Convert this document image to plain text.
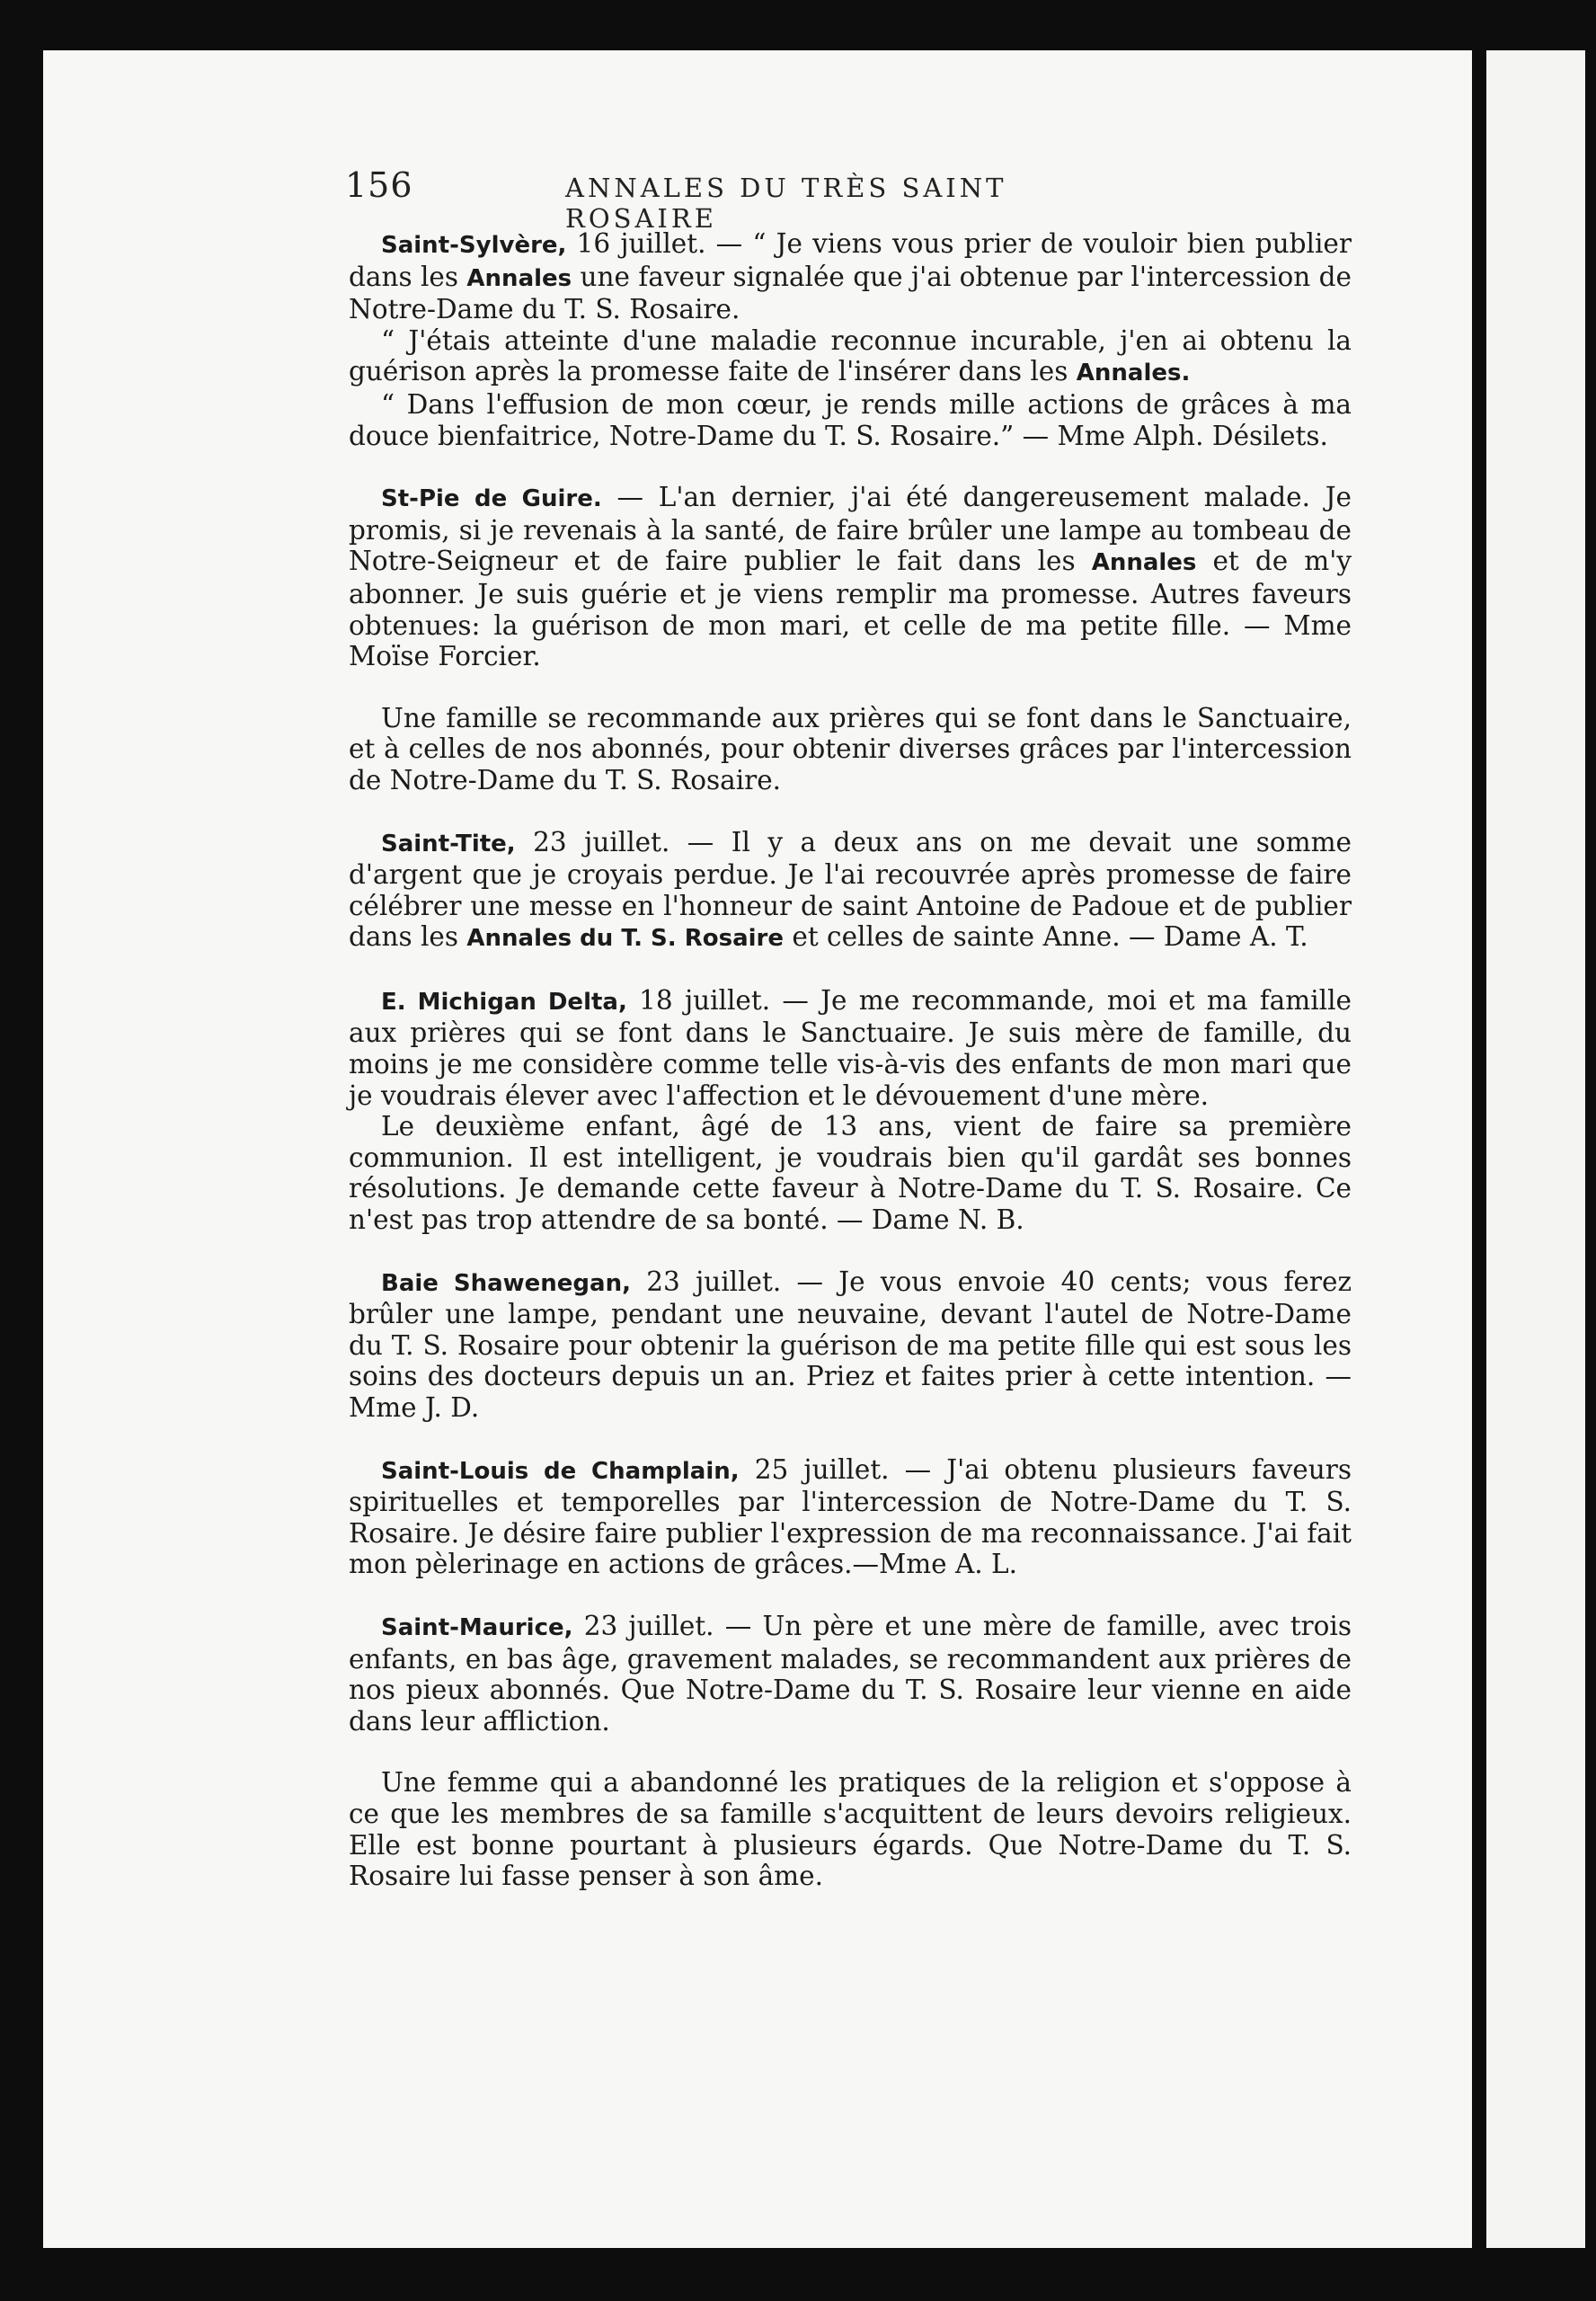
156	ANNALES DU TRÈS SAINT ROSAIRE

Saint-Sylvère, 16 juillet. — “ Je viens vous prier de vouloir bien publier dans les Annales une faveur signalée que j'ai obtenue par l'intercession de Notre-Dame du T. S. Rosaire.

“ J'étais atteinte d'une maladie reconnue incurable, j'en ai obtenu la guérison après la promesse faite de l'insérer dans les Annales.

“ Dans l'effusion de mon cœur, je rends mille actions de grâces à ma douce bienfaitrice, Notre-Dame du T. S. Rosaire.” — Mme Alph. Désilets.

St-Pie de Guire. — L'an dernier, j'ai été dangereusement malade. Je promis, si je revenais à la santé, de faire brûler une lampe au tombeau de Notre-Seigneur et de faire publier le fait dans les Annales et de m'y abonner. Je suis guérie et je viens remplir ma promesse. Autres faveurs obtenues: la guérison de mon mari, et celle de ma petite fille. — Mme Moïse Forcier.

Une famille se recommande aux prières qui se font dans le Sanctuaire, et à celles de nos abonnés, pour obtenir diverses grâces par l'intercession de Notre-Dame du T. S. Rosaire.

Saint-Tite, 23 juillet. — Il y a deux ans on me devait une somme d'argent que je croyais perdue. Je l'ai recouvrée après promesse de faire célébrer une messe en l'honneur de saint Antoine de Padoue et de publier dans les Annales du T. S. Rosaire et celles de sainte Anne. — Dame A. T.

E. Michigan Delta, 18 juillet. — Je me recommande, moi et ma famille aux prières qui se font dans le Sanctuaire. Je suis mère de famille, du moins je me considère comme telle vis-à-vis des enfants de mon mari que je voudrais élever avec l'affection et le dévouement d'une mère.

Le deuxième enfant, âgé de 13 ans, vient de faire sa première communion. Il est intelligent, je voudrais bien qu'il gardât ses bonnes résolutions. Je demande cette faveur à Notre-Dame du T. S. Rosaire. Ce n'est pas trop attendre de sa bonté. — Dame N. B.

Baie Shawenegan, 23 juillet. — Je vous envoie 40 cents; vous ferez brûler une lampe, pendant une neuvaine, devant l'autel de Notre-Dame du T. S. Rosaire pour obtenir la guérison de ma petite fille qui est sous les soins des docteurs depuis un an. Priez et faites prier à cette intention. — Mme J. D.

Saint-Louis de Champlain, 25 juillet. — J'ai obtenu plusieurs faveurs spirituelles et temporelles par l'intercession de Notre-Dame du T. S. Rosaire. Je désire faire publier l'expression de ma reconnaissance. J'ai fait mon pèlerinage en actions de grâces.—Mme A. L.

Saint-Maurice, 23 juillet. — Un père et une mère de famille, avec trois enfants, en bas âge, gravement malades, se recommandent aux prières de nos pieux abonnés. Que Notre-Dame du T. S. Rosaire leur vienne en aide dans leur affliction.

Une femme qui a abandonné les pratiques de la religion et s'oppose à ce que les membres de sa famille s'acquittent de leurs devoirs religieux. Elle est bonne pourtant à plusieurs égards. Que Notre-Dame du T. S. Rosaire lui fasse penser à son âme.
